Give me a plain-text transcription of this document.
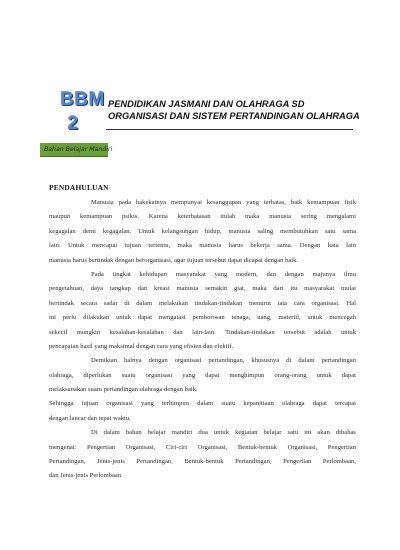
BBM
2
PENDIDIKAN JASMANI DAN OLAHRAGA SD
ORGANISASI DAN SISTEM PERTANDINGAN OLAHRAGA
Bahan Belajar Mandiri
PENDAHULUAN
Manusia pada hakekatnya mempunyai kesanggupan yang terbatas, baik kemampuan fisik
maupun kemampuan psikis. Karena keterbatasan itulah maka manusia sering mengalami
kegagalan demi kegagalan. Untuk kelangsungan hidup, manusia saling membutuhkan satu sama
lain. Untuk mencapai tujuan tertentu, maka manusia harus bekerja sama. Dengan kata lain
manusia harus bertindak dengan berorganisasi, agar tujuan tersebut dapat dicapai dengan baik.
Pada tingkat kehidupan masyarakat yang modern, dan dengan majunya ilmu
pengetahuan, daya tangkap dan kreasi manusia semakin giat, maka dari itu masyarakat mulai
bertindak secara sadar di dalam melakukan tindakan-tindakan menurut tata cara organisasi. Hal
ini perlu dilakukan untuk dapat mengatasi pemborosan tenaga, uang, materiil, untuk mencegah
sekecil mungkin kesalahan-kesalahan dan lain-lain. Tindakan-tindakan tersebut adalah untuk
pencapaian hasil yang maksimal dengan cara yang efisien dan efektif.
Demikian halnya dengan organisasi pertandingan, khususnya di dalam pertandingan
olahraga, diperlukan suatu organisasi yang dapat menghimpun orang-orang untuk dapat
melaksanakan suatu pertandingan olahraga dengan baik.
Sehingga tujuan organisasi yang terhimpun dalam suatu kepanitiaan olahraga dapat tercapai
dengan lancar dan tepat waktu.
Di dalam bahan belajar mandiri dua untuk kegiatan belajar satu ini akan dibahas
mengenai: Pengertian Organisasi, Ciri-ciri Organisasi, Bentuk-bentuk Organisasi, Pengertian
Pertandingan, Jenis-jenis Pertandingan, Bentuk-bentuk Pertandingan, Pengertian Perlombaan,
dan Jenis-jenis Perlombaan
